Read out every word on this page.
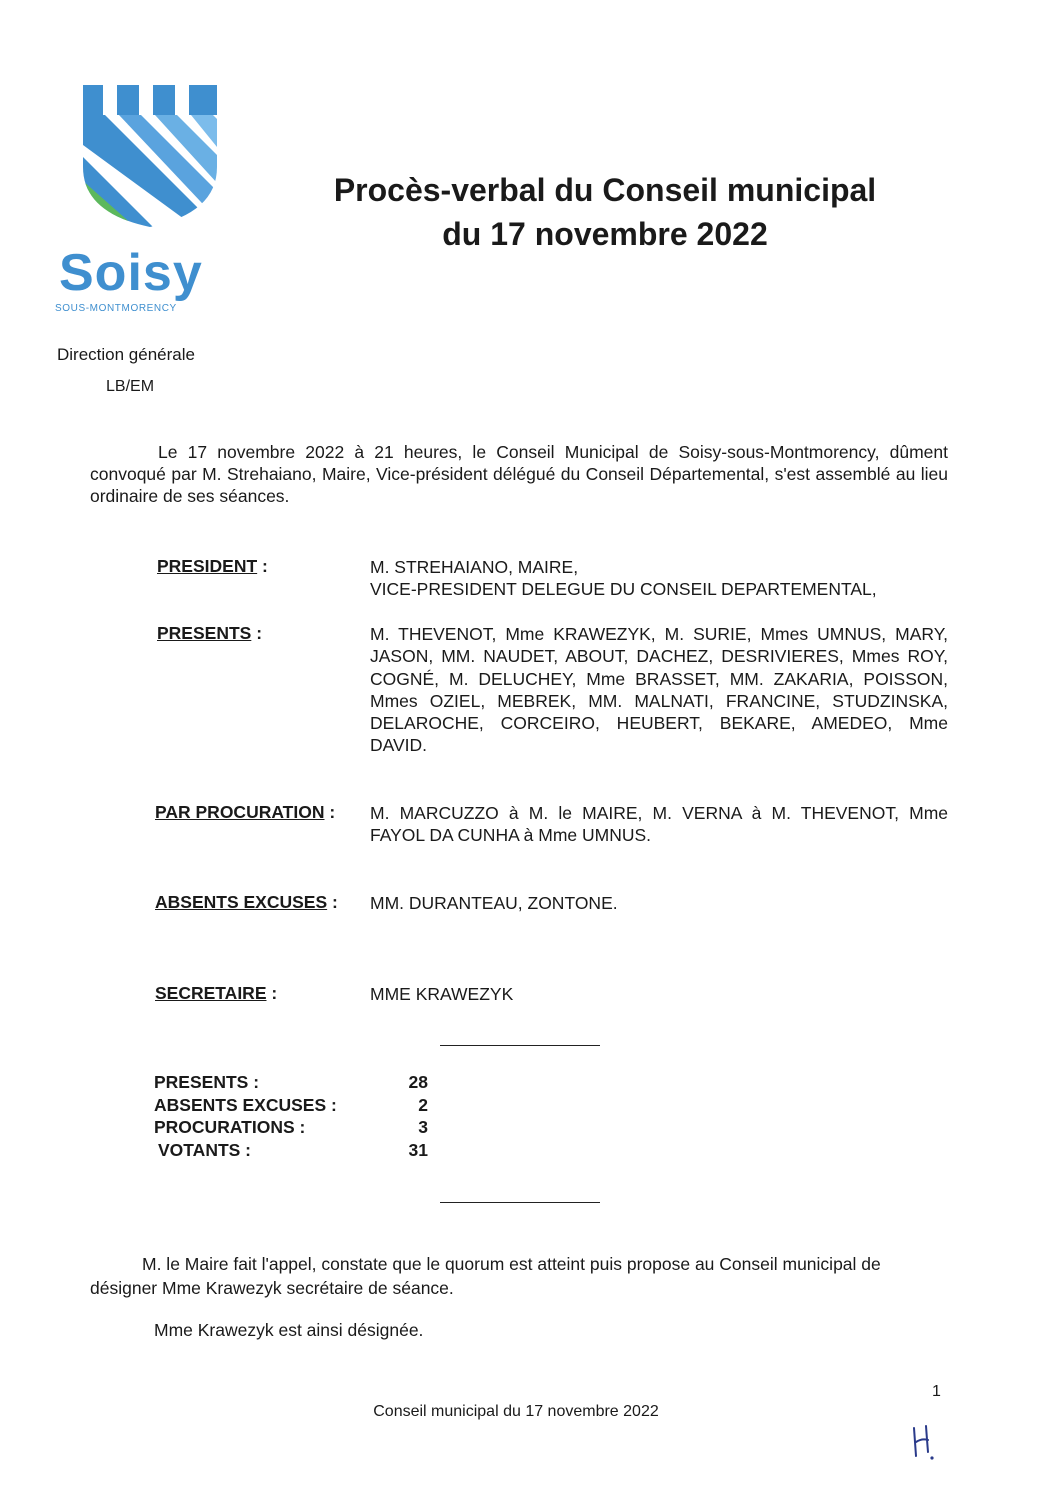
Soisy
SOUS-MONTMORENCY
Procès-verbal du Conseil municipal
du 17 novembre 2022
Direction générale
LB/EM
Le 17 novembre 2022 à 21 heures, le Conseil Municipal de Soisy-sous-Montmorency, dûment convoqué par M. Strehaiano, Maire, Vice-président délégué du Conseil Départemental, s'est assemblé au lieu ordinaire de ses séances.
PRESIDENT :	M. STREHAIANO, MAIRE,
VICE-PRESIDENT DELEGUE DU CONSEIL DEPARTEMENTAL,
PRESENTS :	M. THEVENOT, Mme KRAWEZYK, M. SURIE, Mmes UMNUS, MARY, JASON, MM. NAUDET, ABOUT, DACHEZ, DESRIVIERES, Mmes ROY, COGNÉ, M. DELUCHEY, Mme BRASSET, MM. ZAKARIA, POISSON, Mmes OZIEL, MEBREK, MM. MALNATI, FRANCINE, STUDZINSKA, DELAROCHE, CORCEIRO, HEUBERT, BEKARE, AMEDEO, Mme DAVID.
PAR PROCURATION : M. MARCUZZO à M. le MAIRE, M. VERNA à M. THEVENOT, Mme FAYOL DA CUNHA à Mme UMNUS.
ABSENTS EXCUSES : MM. DURANTEAU, ZONTONE.
SECRETAIRE :	MME KRAWEZYK
PRESENTS :	28
ABSENTS EXCUSES :	2
PROCURATIONS :	3
VOTANTS :	31
M. le Maire fait l'appel, constate que le quorum est atteint puis propose au Conseil municipal de désigner Mme Krawezyk secrétaire de séance.
Mme Krawezyk est ainsi désignée.
1
Conseil municipal du 17 novembre 2022
